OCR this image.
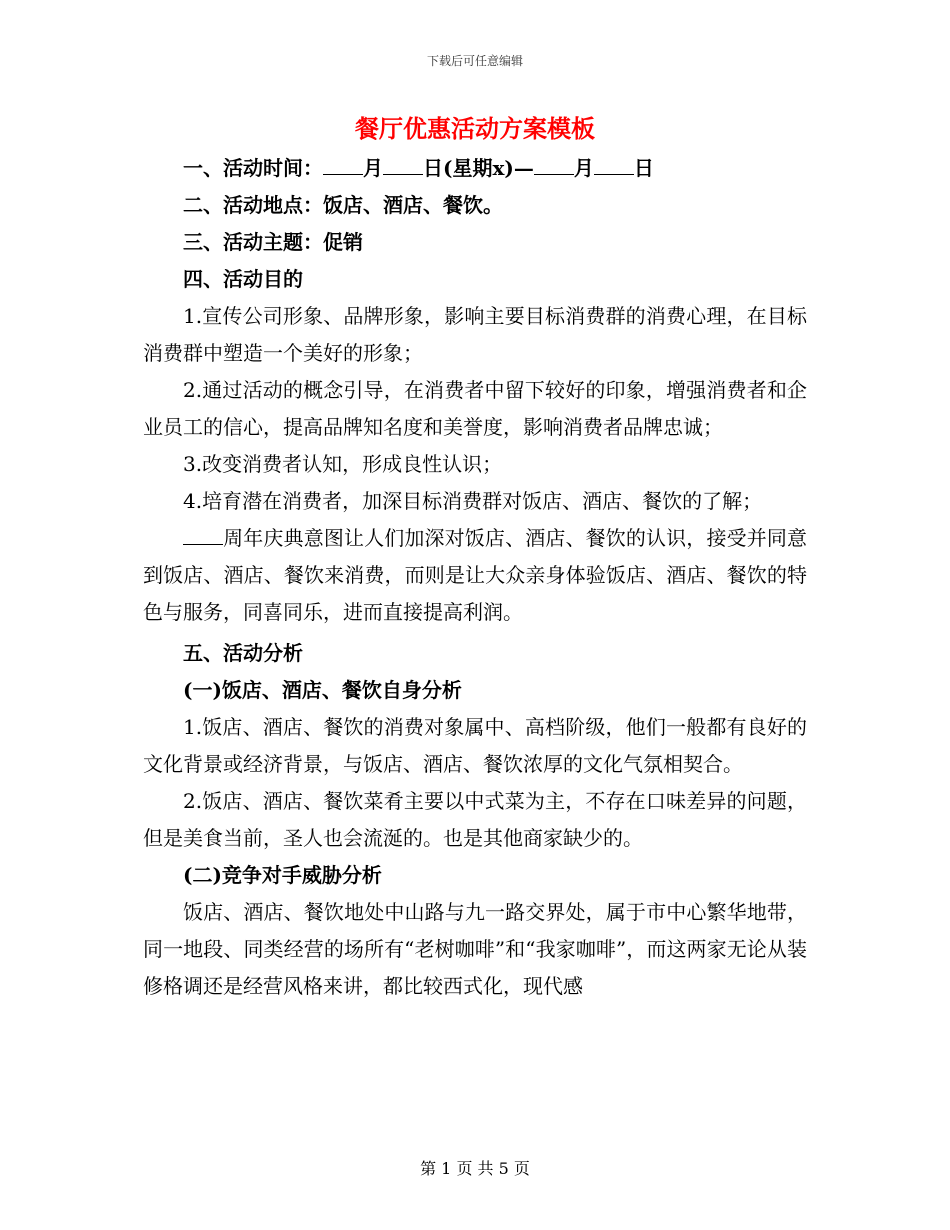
下载后可任意编辑
餐厅优惠活动方案模板

一、活动时间： 月 日(星期x)— 月 日

二、活动地点：饭店、酒店、餐饮。

三、活动主题：促销

四、活动目的

1.宣传公司形象、品牌形象，影响主要目标消费群的消费心理，在目标消费群中塑造一个美好的形象；

2.通过活动的概念引导，在消费者中留下较好的印象，增强消费者和企业员工的信心，提高品牌知名度和美誉度，影响消费者品牌忠诚；

3.改变消费者认知，形成良性认识；

4.培育潜在消费者，加深目标消费群对饭店、酒店、餐饮的了解；

周年庆典意图让人们加深对饭店、酒店、餐饮的认识，接受并同意到饭店、酒店、餐饮来消费，而则是让大众亲身体验饭店、酒店、餐饮的特色与服务，同喜同乐，进而直接提高利润。

五、活动分析

(一)饭店、酒店、餐饮自身分析

1.饭店、酒店、餐饮的消费对象属中、高档阶级，他们一般都有良好的文化背景或经济背景，与饭店、酒店、餐饮浓厚的文化气氛相契合。

2.饭店、酒店、餐饮菜肴主要以中式菜为主，不存在口味差异的问题，但是美食当前，圣人也会流涎的。也是其他商家缺少的。

(二)竞争对手威胁分析

饭店、酒店、餐饮地处中山路与九一路交界处，属于市中心繁华地带，同一地段、同类经营的场所有“老树咖啡”和“我家咖啡”，而这两家无论从装修格调还是经营风格来讲，都比较西式化，现代感

第 1 页 共 5 页
